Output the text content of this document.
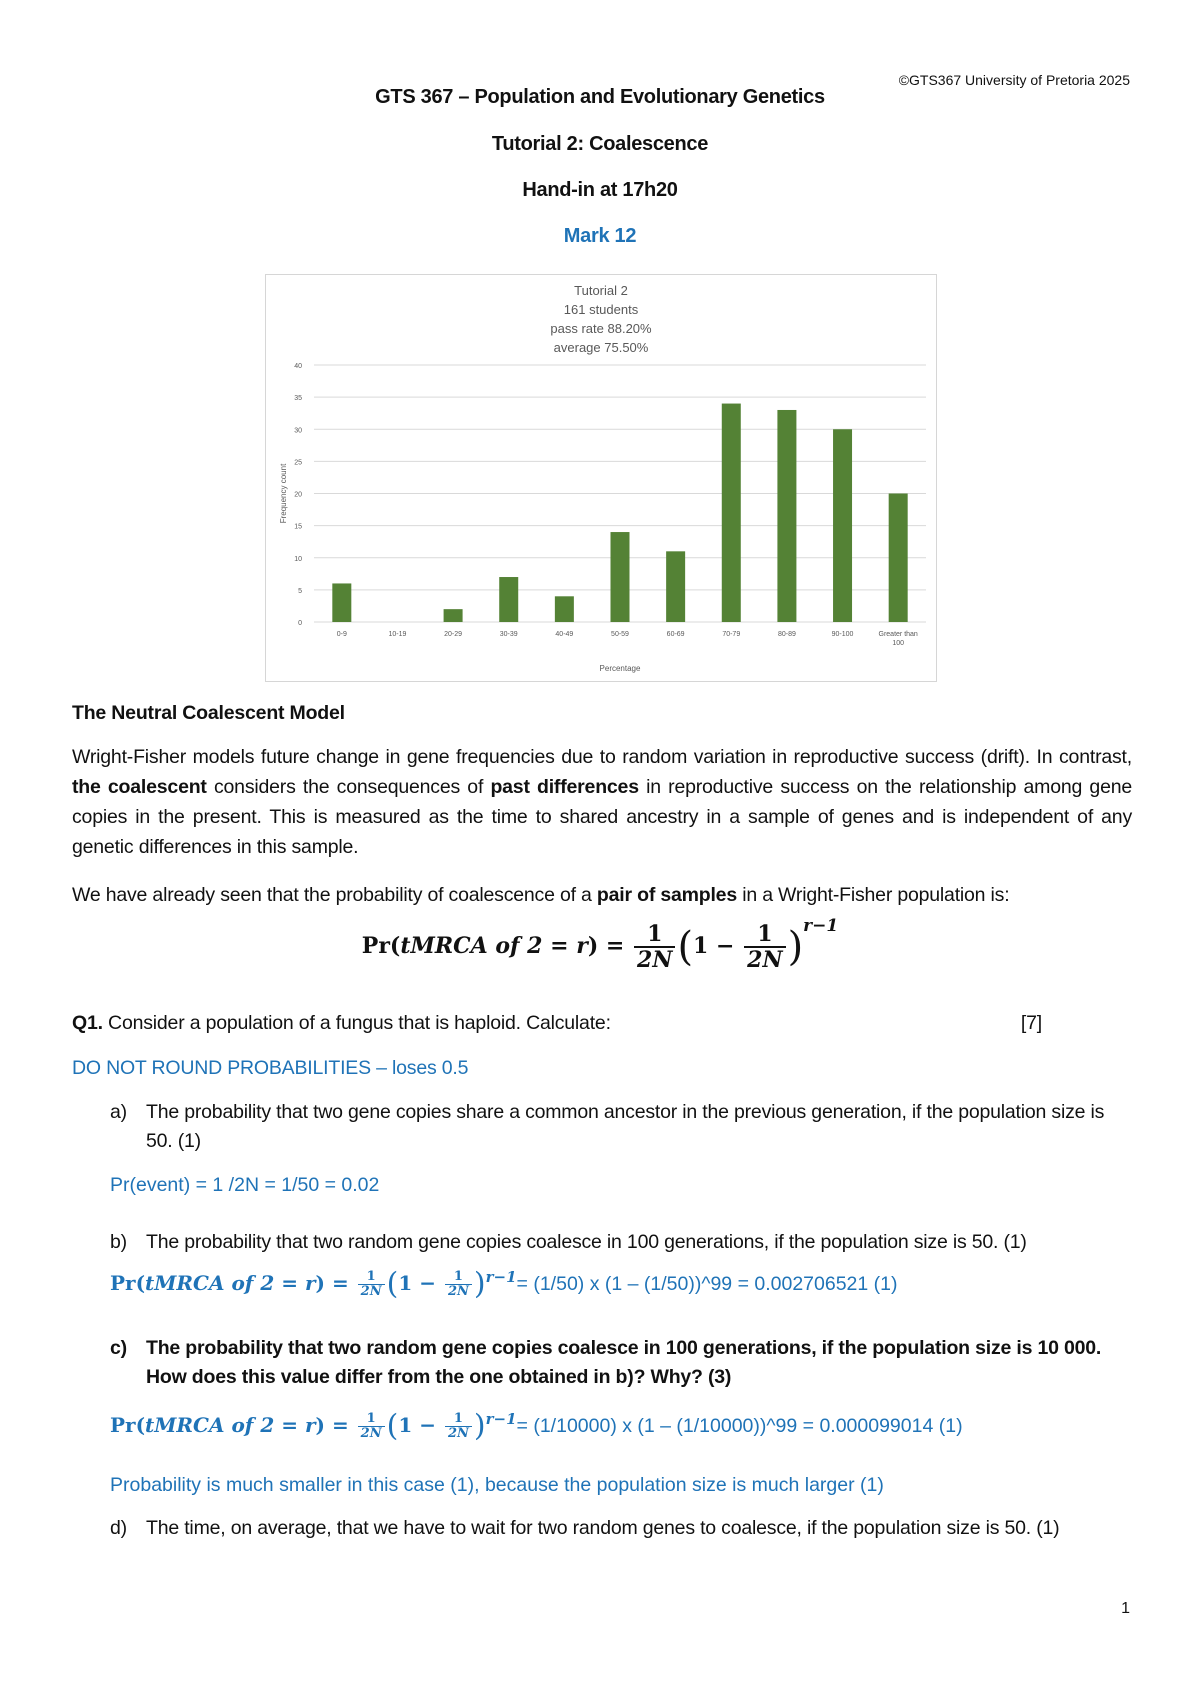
©GTS367 University of Pretoria 2025
GTS 367 – Population and Evolutionary Genetics
Tutorial 2: Coalescence
Hand-in at 17h20
Mark 12
Tutorial 2
161 students
pass rate 88.20%
average 75.50%
0
5
10
15
20
25
30
35
40
0-9	10-19	20-29	30-39	40-49	50-59	60-69	70-79	80-89	90-100	Greater than
100
Percentage
Frequency count
The Neutral Coalescent Model
Wright-Fisher models future change in gene frequencies due to random variation in reproductive success (drift). In contrast, the coalescent considers the consequences of past differences in reproductive success on the relationship among gene copies in the present. This is measured as the time to shared ancestry in a sample of genes and is independent of any genetic differences in this sample.
We have already seen that the probability of coalescence of a pair of samples in a Wright-Fisher population is:
Pr(tMRCA of $2 = r) = \frac{1}{2N} (1 - \frac{1}{2N} )^{r-1}$
Q1. Consider a population of a fungus that is haploid. Calculate:	[7]
DO NOT ROUND PROBABILITIES – loses 0.5
a) The probability that two gene copies share a common ancestor in the previous generation, if the population size is 50. (1)
Pr(event) = 1 /2N = 1/50 = 0.02
b) The probability that two random gene copies coalesce in 100 generations, if the population size is 50. (1)
Pr(tMRCA of $2 = r) = \frac{1}{2N} (1 - \frac{1}{2N} )^{r-1}= (1/50)$ x (1 – (1/50))^99 = 0.002706521 (1)
c) The probability that two random gene copies coalesce in 100 generations, if the population size is 10 000. How does this value differ from the one obtained in b)? Why? (3)
Pr(tMRCA of $2 = r) = \frac{1}{2N} (1 - \frac{1}{2N} )^{r-1}= (1/10000)$ x (1 – (1/10000))^99 = 0.000099014 (1)
Probability is much smaller in this case (1), because the population size is much larger (1)
d) The time, on average, that we have to wait for two random genes to coalesce, if the population size is 50. (1)
1
